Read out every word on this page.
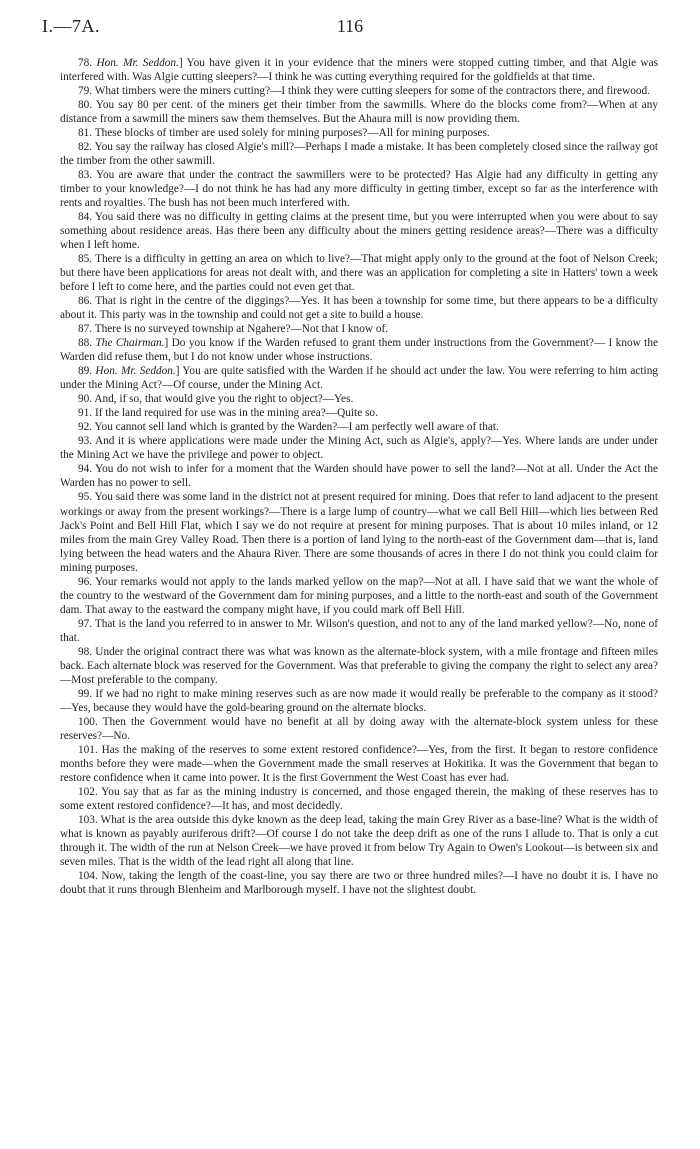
I.—7A.	116

78. Hon. Mr. Seddon.] You have given it in your evidence that the miners were stopped cutting timber, and that Algie was interfered with. Was Algie cutting sleepers?—I think he was cutting everything required for the goldfields at that time.

79. What timbers were the miners cutting?—I think they were cutting sleepers for some of the contractors there, and firewood.

80. You say 80 per cent. of the miners get their timber from the sawmills. Where do the blocks come from?—When at any distance from a sawmill the miners saw them themselves. But the Ahaura mill is now providing them.

81. These blocks of timber are used solely for mining purposes?—All for mining purposes.

82. You say the railway has closed Algie's mill?—Perhaps I made a mistake. It has been completely closed since the railway got the timber from the other sawmill.

83. You are aware that under the contract the sawmillers were to be protected? Has Algie had any difficulty in getting any timber to your knowledge?—I do not think he has had any more difficulty in getting timber, except so far as the interference with rents and royalties. The bush has not been much interfered with.

84. You said there was no difficulty in getting claims at the present time, but you were interrupted when you were about to say something about residence areas. Has there been any difficulty about the miners getting residence areas?—There was a difficulty when I left home.

85. There is a difficulty in getting an area on which to live?—That might apply only to the ground at the foot of Nelson Creek; but there have been applications for areas not dealt with, and there was an application for completing a site in Hatters' town a week before I left to come here, and the parties could not even get that.

86. That is right in the centre of the diggings?—Yes. It has been a township for some time, but there appears to be a difficulty about it. This party was in the township and could not get a site to build a house.

87. There is no surveyed township at Ngahere?—Not that I know of.

88. The Chairman.] Do you know if the Warden refused to grant them under instructions from the Government?— I know the Warden did refuse them, but I do not know under whose instructions.

89. Hon. Mr. Seddon.] You are quite satisfied with the Warden if he should act under the law. You were referring to him acting under the Mining Act?—Of course, under the Mining Act.

90. And, if so, that would give you the right to object?—Yes.

91. If the land required for use was in the mining area?—Quite so.

92. You cannot sell land which is granted by the Warden?—I am perfectly well aware of that.

93. And it is where applications were made under the Mining Act, such as Algie's, apply?—Yes. Where lands are under under the Mining Act we have the privilege and power to object.

94. You do not wish to infer for a moment that the Warden should have power to sell the land?—Not at all. Under the Act the Warden has no power to sell.

95. You said there was some land in the district not at present required for mining. Does that refer to land adjacent to the present workings or away from the present workings?—There is a large lump of country—what we call Bell Hill—which lies between Red Jack's Point and Bell Hill Flat, which I say we do not require at present for mining purposes. That is about 10 miles inland, or 12 miles from the main Grey Valley Road. Then there is a portion of land lying to the north-east of the Government dam—that is, land lying between the head waters and the Ahaura River. There are some thousands of acres in there I do not think you could claim for mining purposes.

96. Your remarks would not apply to the lands marked yellow on the map?—Not at all. I have said that we want the whole of the country to the westward of the Government dam for mining purposes, and a little to the north-east and south of the Government dam. That away to the eastward the company might have, if you could mark off Bell Hill.

97. That is the land you referred to in answer to Mr. Wilson's question, and not to any of the land marked yellow?—No, none of that.

98. Under the original contract there was what was known as the alternate-block system, with a mile frontage and fifteen miles back. Each alternate block was reserved for the Government. Was that preferable to giving the company the right to select any area?—Most preferable to the company.

99. If we had no right to make mining reserves such as are now made it would really be preferable to the company as it stood?—Yes, because they would have the gold-bearing ground on the alternate blocks.

100. Then the Government would have no benefit at all by doing away with the alternate-block system unless for these reserves?—No.

101. Has the making of the reserves to some extent restored confidence?—Yes, from the first. It began to restore confidence months before they were made—when the Government made the small reserves at Hokitika. It was the Government that began to restore confidence when it came into power. It is the first Government the West Coast has ever had.

102. You say that as far as the mining industry is concerned, and those engaged therein, the making of these reserves has to some extent restored confidence?—It has, and most decidedly.

103. What is the area outside this dyke known as the deep lead, taking the main Grey River as a base-line? What is the width of what is known as payably auriferous drift?—Of course I do not take the deep drift as one of the runs I allude to. That is only a cut through it. The width of the run at Nelson Creek—we have proved it from below Try Again to Owen's Lookout—is between six and seven miles. That is the width of the lead right all along that line.

104. Now, taking the length of the coast-line, you say there are two or three hundred miles?—I have no doubt it is. I have no doubt that it runs through Blenheim and Marlborough myself. I have not the slightest doubt.
